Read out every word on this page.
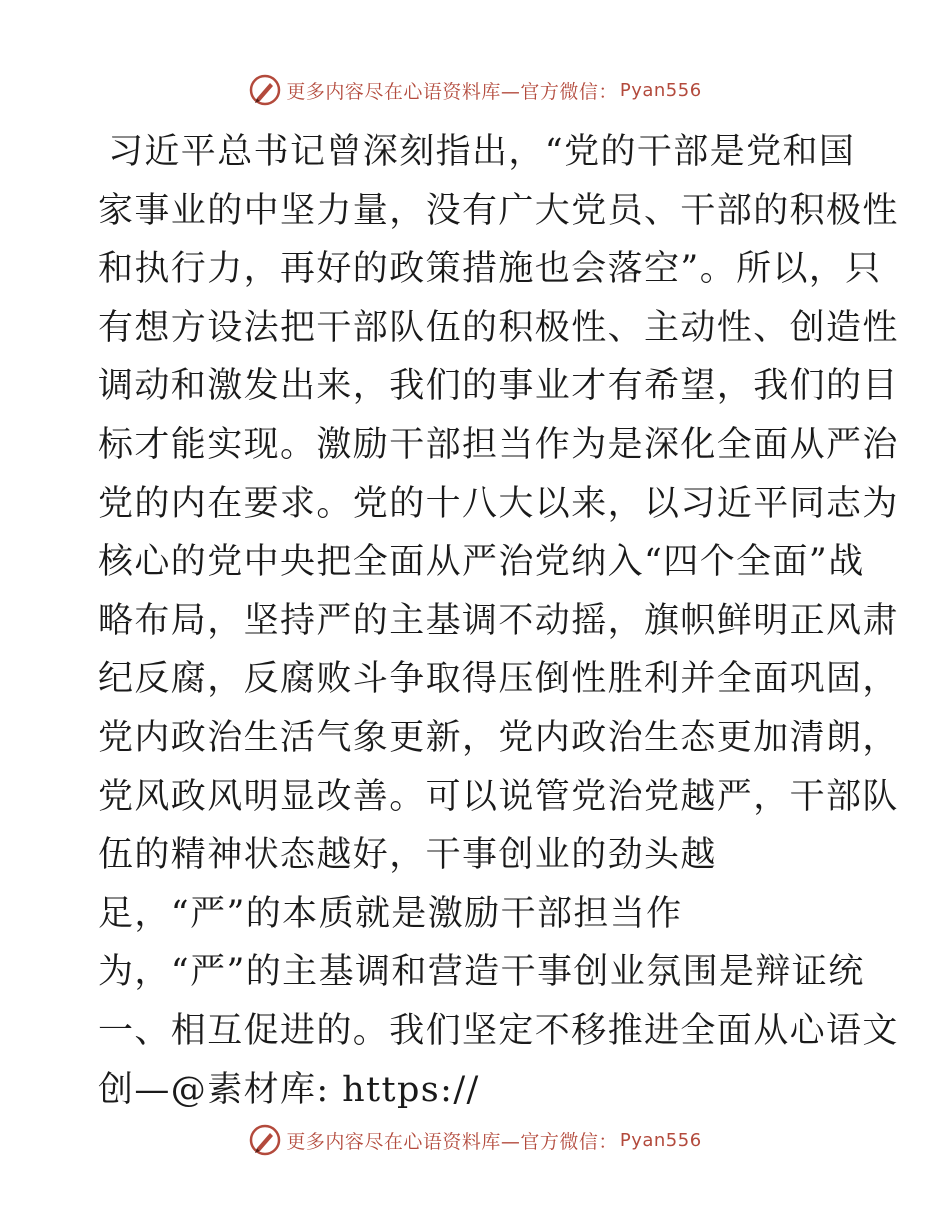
更多内容尽在心语资料库—官方微信： Pyan556
习近平总书记曾深刻指出，“党的干部是党和国
家事业的中坚力量，没有广大党员、干部的积极性
和执行力，再好的政策措施也会落空”。所以，只
有想方设法把干部队伍的积极性、主动性、创造性
调动和激发出来，我们的事业才有希望，我们的目
标才能实现。激励干部担当作为是深化全面从严治
党的内在要求。党的十八大以来，以习近平同志为
核心的党中央把全面从严治党纳入“四个全面”战
略布局，坚持严的主基调不动摇，旗帜鲜明正风肃
纪反腐，反腐败斗争取得压倒性胜利并全面巩固，
党内政治生活气象更新，党内政治生态更加清朗，
党风政风明显改善。可以说管党治党越严，干部队
伍的精神状态越好，干事创业的劲头越
足，“严”的本质就是激励干部担当作
为，“严”的主基调和营造干事创业氛围是辩证统
一、相互促进的。我们坚定不移推进全面从心语文
创—@素材库: https://
更多内容尽在心语资料库—官方微信： Pyan556
